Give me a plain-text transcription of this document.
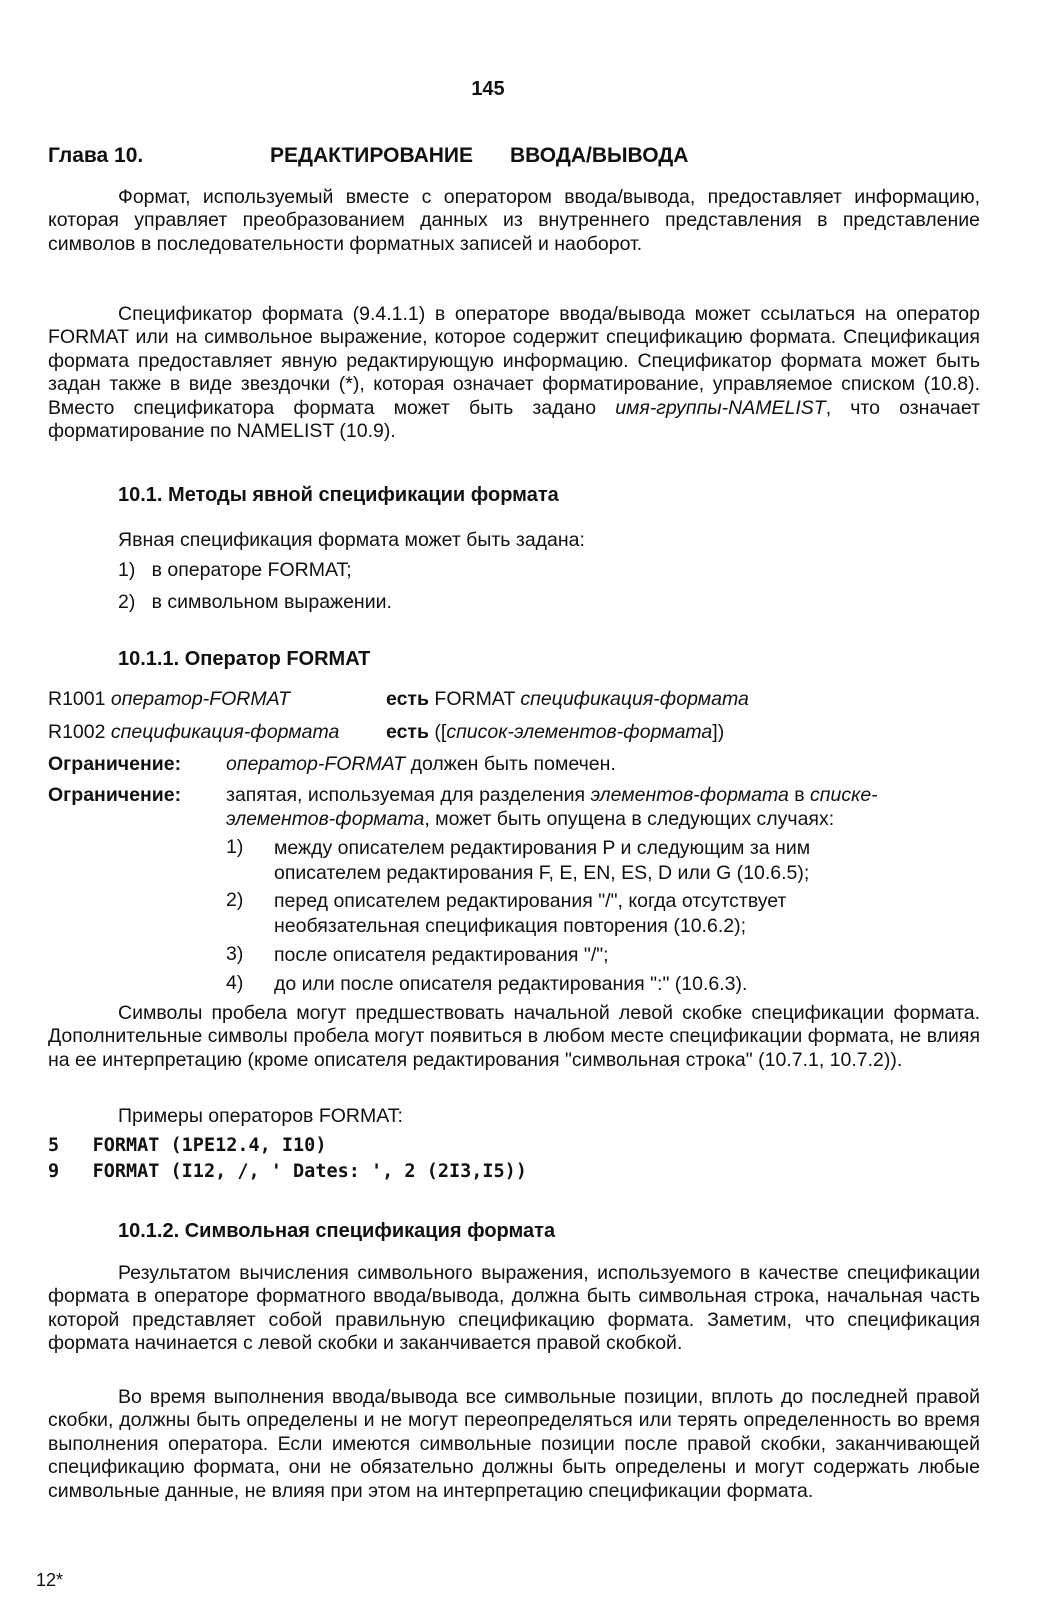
145
Глава 10.	РЕДАКТИРОВАНИЕ ВВОДА/ВЫВОДА

Формат, используемый вместе с оператором ввода/вывода, предоставляет информацию, которая управляет преобразованием данных из внутреннего представления в представление символов в последовательности форматных записей и наоборот.

Спецификатор формата (9.4.1.1) в операторе ввода/вывода может ссылаться на оператор FORMAT или на символьное выражение, которое содержит спецификацию формата. Спецификация формата предоставляет явную редактирующую информацию. Спецификатор формата может быть задан также в виде звездочки (*), которая означает форматирование, управляемое списком (10.8). Вместо спецификатора формата может быть задано имя-группы-NAMELIST, что означает форматирование по NAMELIST (10.9).

10.1. Методы явной спецификации формата
Явная спецификация формата может быть задана:
1) в операторе FORMAT;
2) в символьном выражении.
10.1.1. Оператор FORMAT
R1001 оператор-FORMAT	есть FORMAT спецификация-формата
R1002 спецификация-формата есть ([список-элементов-формата])
Ограничение: оператор-FORMAT должен быть помечен.
Ограничение: запятая, используемая для разделения элементов-формата в списке-элементов-формата, может быть опущена в следующих случаях:
1) между описателем редактирования P и следующим за ним описателем редактирования F, E, EN, ES, D или G (10.6.5);
2) перед описателем редактирования "/", когда отсутствует необязательная спецификация повторения (10.6.2);
3) после описателя редактирования "/";
4) до или после описателя редактирования ":" (10.6.3).

Символы пробела могут предшествовать начальной левой скобке спецификации формата. Дополнительные символы пробела могут появиться в любом месте спецификации формата, не влияя на ее интерпретацию (кроме описателя редактирования "символьная строка" (10.7.1, 10.7.2)).

Примеры операторов FORMAT:
5 FORMAT (1PE12.4, I10)
9 FORMAT (I12, /, ' Dates: ', 2 (2I3,I5))
10.1.2. Символьная спецификация формата

Результатом вычисления символьного выражения, используемого в качестве спецификации формата в операторе форматного ввода/вывода, должна быть символьная строка, начальная часть которой представляет собой правильную спецификацию формата. Заметим, что спецификация формата начинается с левой скобки и заканчивается правой скобкой.

Во время выполнения ввода/вывода все символьные позиции, вплоть до последней правой скобки, должны быть определены и не могут переопределяться или терять определенность во время выполнения оператора. Если имеются символьные позиции после правой скобки, заканчивающей спецификацию формата, они не обязательно должны быть определены и могут содержать любые символьные данные, не влияя при этом на интерпретацию спецификации формата.

12*
